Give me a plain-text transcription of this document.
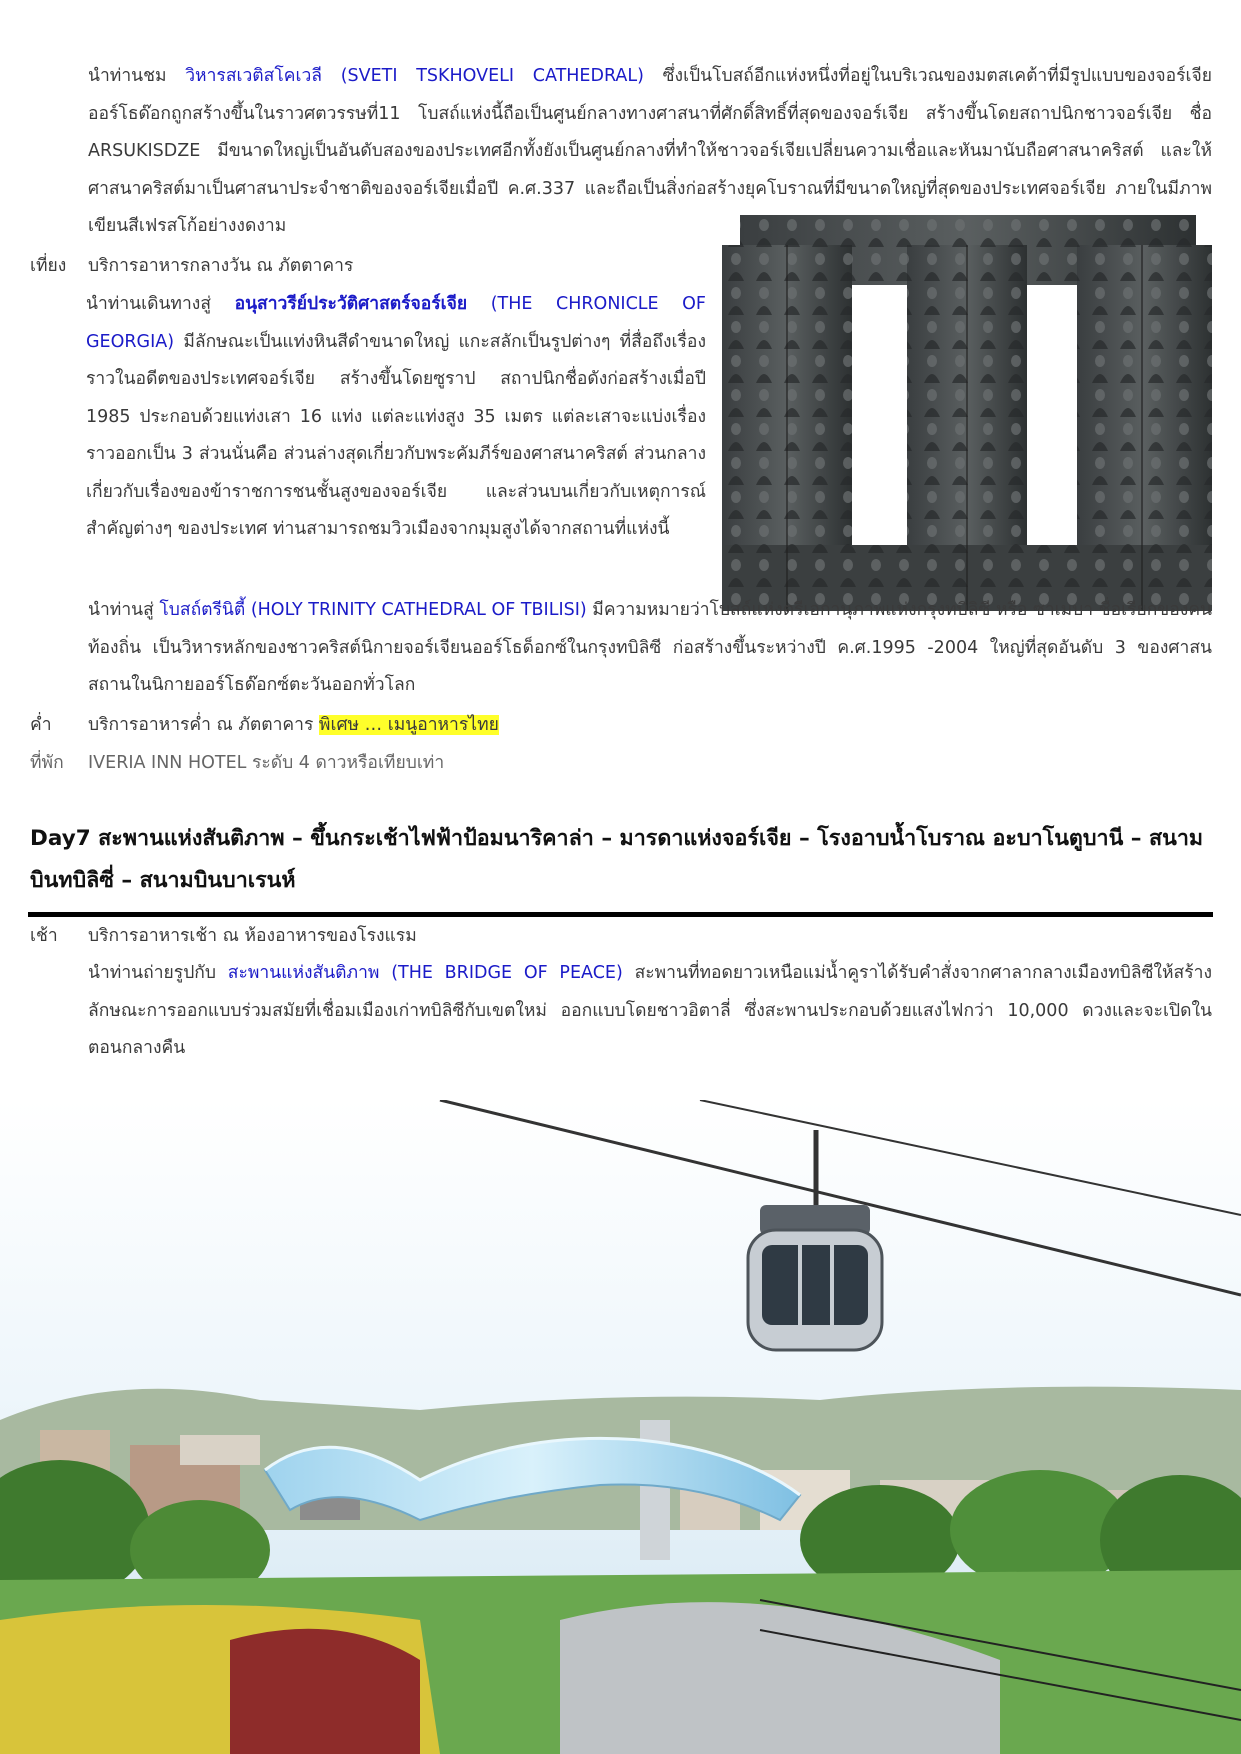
นำท่านชม วิหารสเวติสโคเวลี (SVETI TSKHOVELI CATHEDRAL) ซึ่งเป็นโบสถ์อีกแห่งหนึ่งที่อยู่ในบริเวณของมตสเคต้าที่มีรูปแบบของจอร์เจีย ออร์โธด๊อกถูกสร้างขึ้นในราวศตวรรษที่11 โบสถ์แห่งนี้ถือเป็นศูนย์กลางทางศาสนาที่ศักดิ์สิทธิ์ที่สุดของจอร์เจีย สร้างขึ้นโดยสถาปนิกชาวจอร์เจีย ชื่อ ARSUKISDZE มีขนาดใหญ่เป็นอันดับสองของประเทศอีกทั้งยังเป็นศูนย์กลางที่ทำให้ชาวจอร์เจียเปลี่ยนความเชื่อและหันมานับถือศาสนาคริสต์ และให้ศาสนาคริสต์มาเป็นศาสนาประจำชาติของจอร์เจียเมื่อปี ค.ศ.337 และถือเป็นสิ่งก่อสร้างยุคโบราณที่มีขนาดใหญ่ที่สุดของประเทศจอร์เจีย ภายในมีภาพเขียนสีเฟรสโก้อย่างงดงาม
เที่ยง บริการอาหารกลางวัน ณ ภัตตาคาร
นำท่านเดินทางสู่ อนุสาวรีย์ประวัติศาสตร์จอร์เจีย (THE CHRONICLE OF GEORGIA) มีลักษณะเป็นแท่งหินสีดำขนาดใหญ่ แกะสลักเป็นรูปต่างๆ ที่สื่อถึงเรื่องราวในอดีตของประเทศจอร์เจีย สร้างขึ้นโดยซูราป สถาปนิกชื่อดังก่อสร้างเมื่อปี 1985 ประกอบด้วยแท่งเสา 16 แท่ง แต่ละแท่งสูง 35 เมตร แต่ละเสาจะแบ่งเรื่องราวออกเป็น 3 ส่วนนั่นคือ ส่วนล่างสุดเกี่ยวกับพระคัมภีร์ของศาสนาคริสต์ ส่วนกลางเกี่ยวกับเรื่องของข้าราชการชนชั้นสูงของจอร์เจีย และส่วนบนเกี่ยวกับเหตุการณ์สำคัญต่างๆ ของประเทศ ท่านสามารถชมวิวเมืองจากมุมสูงได้จากสถานที่แห่งนี้
นำท่านสู่ โบสถ์ตรีนิตี้ (HOLY TRINITY CATHEDRAL OF TBILISI) มีความหมายว่าโบสถ์แห่งตรีเอกานุภาพแห่งกรุงทบิลิซี หรือ ซาเมบา ชื่อเรียกของคนท้องถิ่น เป็นวิหารหลักของชาวคริสต์นิกายจอร์เจียนออร์โธด็อกซ์ในกรุงทบิลิซี ก่อสร้างขึ้นระหว่างปี ค.ศ.1995 -2004 ใหญ่ที่สุดอันดับ 3 ของศาสนสถานในนิกายออร์โธด๊อกซ์ตะวันออกทั่วโลก
ค่ำ บริการอาหารค่ำ ณ ภัตตาคาร พิเศษ … เมนูอาหารไทย
ที่พัก IVERIA INN HOTEL ระดับ 4 ดาวหรือเทียบเท่า
Day7 สะพานแห่งสันติภาพ – ขึ้นกระเช้าไฟฟ้าป้อมนาริคาล่า – มารดาแห่งจอร์เจีย – โรงอาบน้ำโบราณ อะบาโนตูบานี – สนามบินทบิลิซี่ – สนามบินบาเรนห์
เช้า บริการอาหารเช้า ณ ห้องอาหารของโรงแรม
นำท่านถ่ายรูปกับ สะพานแห่งสันติภาพ (THE BRIDGE OF PEACE) สะพานที่ทอดยาวเหนือแม่น้ำคูราได้รับคำสั่งจากศาลากลางเมืองทบิลิซีให้สร้างลักษณะการออกแบบร่วมสมัยที่เชื่อมเมืองเก่าทบิลิซีกับเขตใหม่ ออกแบบโดยชาวอิตาลี่ ซึ่งสะพานประกอบด้วยแสงไฟกว่า 10,000 ดวงและจะเปิดในตอนกลางคืน
